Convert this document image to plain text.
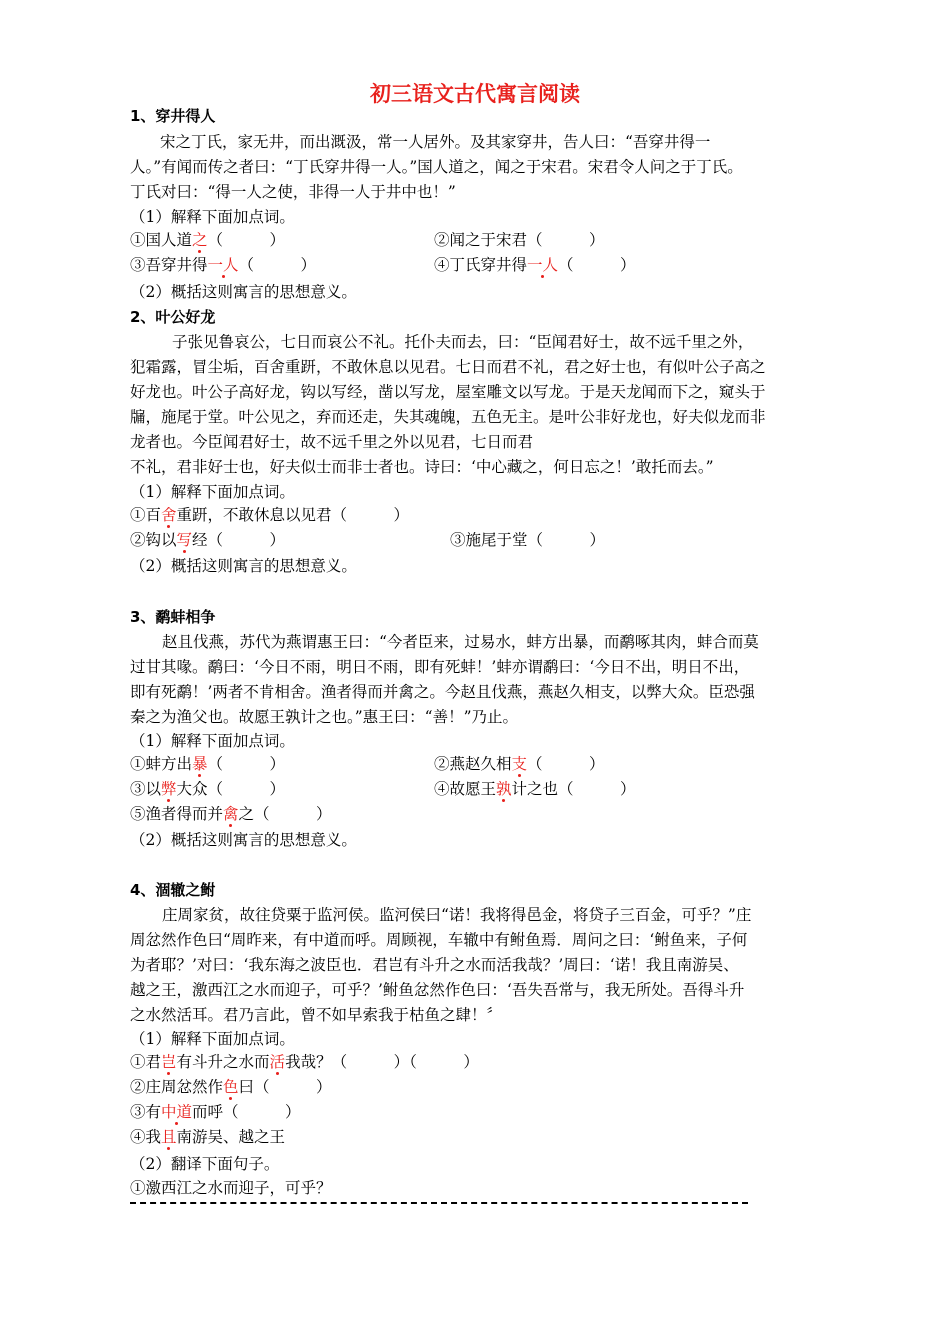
初三语文古代寓言阅读
1、穿井得人
宋之丁氏，家无井，而出溉汲，常一人居外。及其家穿井，告人曰：“吾穿井得一
人。”有闻而传之者曰：“丁氏穿井得一人。”国人道之，闻之于宋君。宋君令人问之于丁氏。
丁氏对曰：“得一人之使，非得一人于井中也！”
（1）解释下面加点词。
①国人道之（　　　）	②闻之于宋君（　　　）
③吾穿井得一人（　　　）	④丁氏穿井得一人（　　　）
（2）概括这则寓言的思想意义。
2、叶公好龙
子张见鲁哀公，七日而哀公不礼。托仆夫而去，曰：“臣闻君好士，故不远千里之外，
犯霜露，冒尘垢，百舍重趼，不敢休息以见君。七日而君不礼，君之好士也，有似叶公子高之
好龙也。叶公子高好龙，钩以写经，凿以写龙，屋室雕文以写龙。于是天龙闻而下之，窥头于
牖，施尾于堂。叶公见之，弃而还走，失其魂魄，五色无主。是叶公非好龙也，好夫似龙而非
龙者也。今臣闻君好士，故不远千里之外以见君，七日而君
不礼，君非好士也，好夫似士而非士者也。诗曰：‘中心藏之，何日忘之！’敢托而去。”
（1）解释下面加点词。
①百舍重趼，不敢休息以见君（　　　）
②钩以写经（　　　）	③施尾于堂（　　　）
（2）概括这则寓言的思想意义。
3、鹬蚌相争
赵且伐燕，苏代为燕谓惠王曰：“今者臣来，过易水，蚌方出暴，而鹬啄其肉，蚌合而莫
过甘其喙。鹬曰：‘今日不雨，明日不雨，即有死蚌！’蚌亦谓鹬曰：‘今日不出，明日不出，
即有死鹬！’两者不肯相舍。渔者得而并禽之。今赵且伐燕，燕赵久相支，以弊大众。臣恐强
秦之为渔父也。故愿王孰计之也。”惠王曰：“善！”乃止。
（1）解释下面加点词。
①蚌方出暴（　　　）	②燕赵久相支（　　　）
③以弊大众（　　　）	④故愿王孰计之也（　　　）
⑤渔者得而并禽之（　　　）
（2）概括这则寓言的思想意义。
4、涸辙之鲋
庄周家贫，故往贷粟于监河侯。监河侯曰“诺！我将得邑金，将贷子三百金，可乎？”庄
周忿然作色曰“周昨来，有中道而呼。周顾视，车辙中有鲋鱼焉．周问之曰：‘鲋鱼来，子何
为者耶？’对曰：‘我东海之波臣也．君岂有斗升之水而活我哉？’周曰：‘诺！我且南游吴、
越之王，激西江之水而迎子，可乎？’鲋鱼忿然作色曰：‘吾失吾常与，我无所处。吾得斗升
之水然活耳。君乃言此，曾不如早索我于枯鱼之肆！〞
（1）解释下面加点词。
①君岂有斗升之水而活我哉？（　　　）（　　　）
②庄周忿然作色曰（　　　）
③有中道而呼（　　　）
④我且南游吴、越之王
（2）翻译下面句子。
①激西江之水而迎子，可乎？
